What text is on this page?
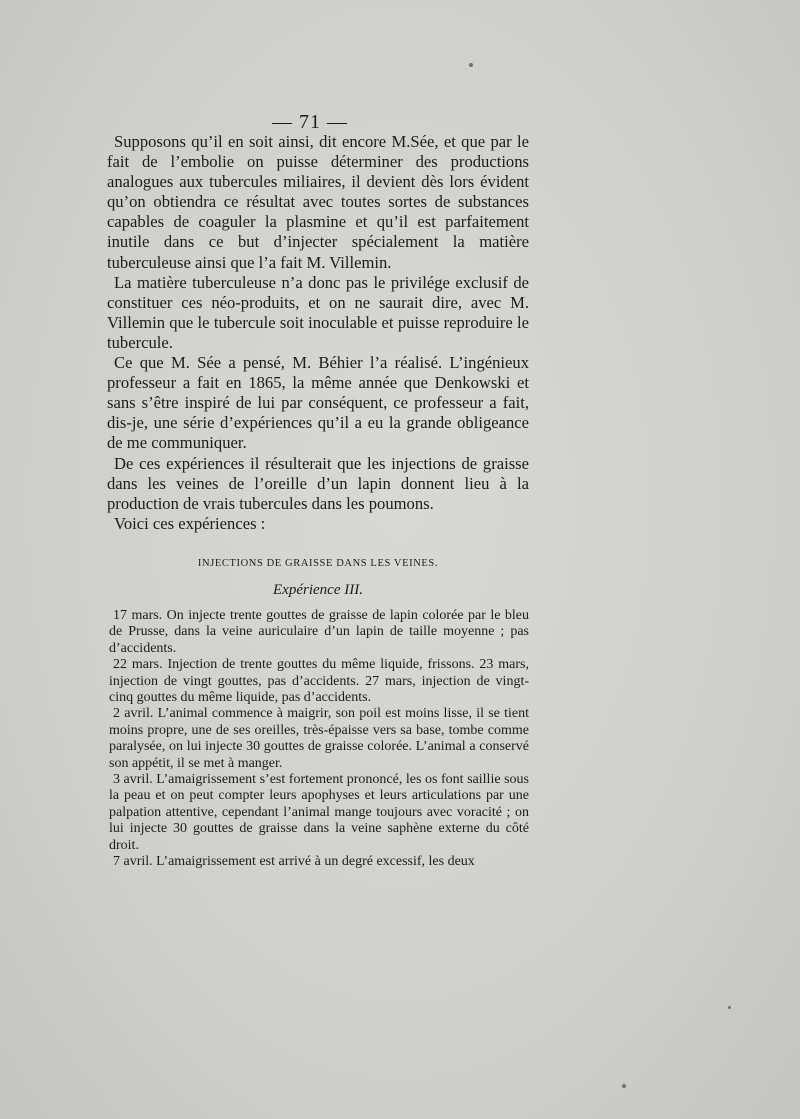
— 71 —

Supposons qu’il en soit ainsi, dit encore M.Sée, et que par le fait de l’embolie on puisse déterminer des productions analogues aux tubercules miliaires, il devient dès lors évident qu’on obtiendra ce résultat avec toutes sortes de substances capables de coaguler la plasmine et qu’il est parfaitement inutile dans ce but d’injecter spécialement la matière tuberculeuse ainsi que l’a fait M. Villemin.

La matière tuberculeuse n’a donc pas le privilége exclusif de constituer ces néo-produits, et on ne saurait dire, avec M. Villemin que le tubercule soit inoculable et puisse reproduire le tubercule.

Ce que M. Sée a pensé, M. Béhier l’a réalisé. L’ingénieux professeur a fait en 1865, la même année que Denkowski et sans s’être inspiré de lui par conséquent, ce professeur a fait, dis-je, une série d’expériences qu’il a eu la grande obligeance de me communiquer.

De ces expériences il résulterait que les injections de graisse dans les veines de l’oreille d’un lapin donnent lieu à la production de vrais tubercules dans les poumons.

Voici ces expériences :

INJECTIONS DE GRAISSE DANS LES VEINES.
Expérience III.

17 mars. On injecte trente gouttes de graisse de lapin colorée par le bleu de Prusse, dans la veine auriculaire d’un lapin de taille moyenne ; pas d’accidents.

22 mars. Injection de trente gouttes du même liquide, frissons. 23 mars, injection de vingt gouttes, pas d’accidents. 27 mars, injection de vingt-cinq gouttes du même liquide, pas d’accidents.

2 avril. L’animal commence à maigrir, son poil est moins lisse, il se tient moins propre, une de ses oreilles, très-épaisse vers sa base, tombe comme paralysée, on lui injecte 30 gouttes de graisse colorée. L’animal a conservé son appétit, il se met à manger.

3 avril. L’amaigrissement s’est fortement prononcé, les os font saillie sous la peau et on peut compter leurs apophyses et leurs articulations par une palpation attentive, cependant l’animal mange toujours avec voracité ; on lui injecte 30 gouttes de graisse dans la veine saphène externe du côté droit.

7 avril. L’amaigrissement est arrivé à un degré excessif, les deux
